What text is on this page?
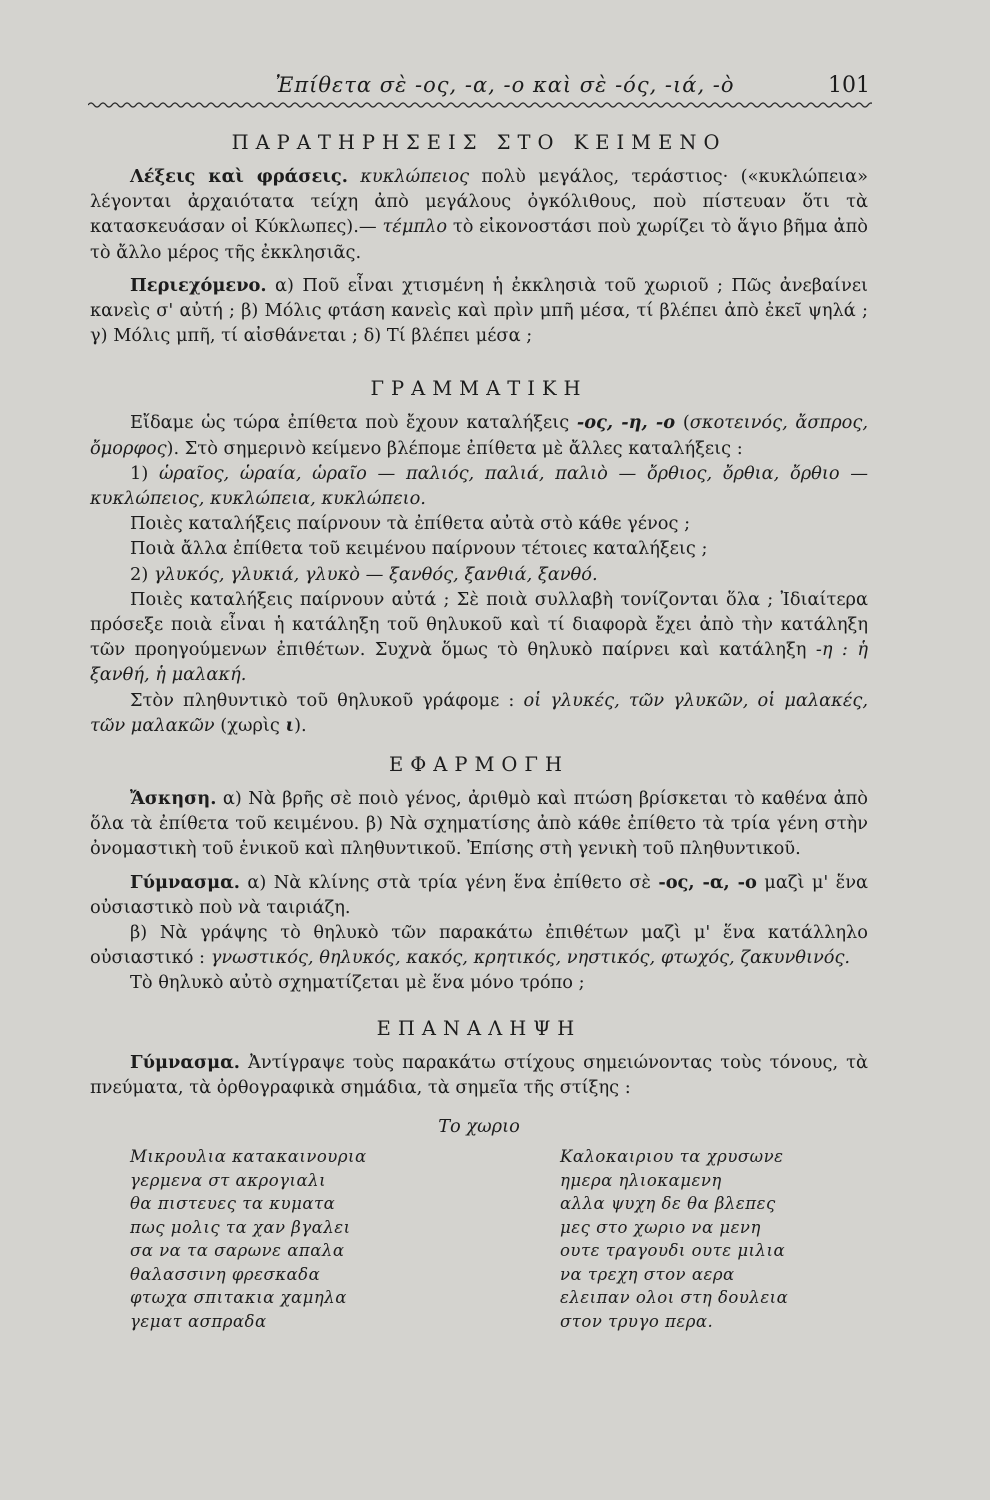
Ἐπίθετα σὲ -ος, -α, -ο καὶ σὲ -ός, -ιά, -ὸ	101
ΠΑΡΑΤΗΡΗΣΕΙΣ ΣΤΟ ΚΕΙΜΕΝΟ

Λέξεις καὶ φράσεις. κυκλώπειος πολὺ μεγάλος, τεράστιος· («κυκλώπεια» λέγονται ἀρχαιότατα τείχη ἀπὸ μεγάλους ὀγκόλιθους, ποὺ πίστευαν ὅτι τὰ κατασκευάσαν οἱ Κύκλωπες).— τέμπλο τὸ εἰκονοστάσι ποὺ χωρίζει τὸ ἅγιο βῆμα ἀπὸ τὸ ἄλλο μέρος τῆς ἐκκλησιᾶς.

Περιεχόμενο. α) Ποῦ εἶναι χτισμένη ἡ ἐκκλησιὰ τοῦ χωριοῦ ; Πῶς ἀνεβαίνει κανεὶς σ' αὐτή ; β) Μόλις φτάση κανεὶς καὶ πρὶν μπῆ μέσα, τί βλέπει ἀπὸ ἐκεῖ ψηλά ; γ) Μόλις μπῆ, τί αἰσθάνεται ; δ) Τί βλέπει μέσα ;

ΓΡΑΜΜΑΤΙΚΗ

Εἴδαμε ὡς τώρα ἐπίθετα ποὺ ἔχουν καταλήξεις -ος, -η, -ο (σκοτεινός, ἄσπρος, ὄμορφος). Στὸ σημερινὸ κείμενο βλέπομε ἐπίθετα μὲ ἄλλες καταλήξεις :

1) ὡραῖος, ὡραία, ὡραῖο — παλιός, παλιά, παλιὸ — ὄρθιος, ὄρθια, ὄρθιο — κυκλώπειος, κυκλώπεια, κυκλώπειο.

Ποιὲς καταλήξεις παίρνουν τὰ ἐπίθετα αὐτὰ στὸ κάθε γένος ;

Ποιὰ ἄλλα ἐπίθετα τοῦ κειμένου παίρνουν τέτοιες καταλήξεις ;

2) γλυκός, γλυκιά, γλυκὸ — ξανθός, ξανθιά, ξανθό.

Ποιὲς καταλήξεις παίρνουν αὐτά ; Σὲ ποιὰ συλλαβὴ τονίζονται ὅλα ; Ἰδιαίτερα πρόσεξε ποιὰ εἶναι ἡ κατάληξη τοῦ θηλυκοῦ καὶ τί διαφορὰ ἔχει ἀπὸ τὴν κατάληξη τῶν προηγούμενων ἐπιθέτων. Συχνὰ ὅμως τὸ θηλυκὸ παίρνει καὶ κατάληξη -η : ἡ ξανθή, ἡ μαλακή.

Στὸν πληθυντικὸ τοῦ θηλυκοῦ γράφομε : οἱ γλυκές, τῶν γλυκῶν, οἱ μαλακές, τῶν μαλακῶν (χωρὶς ι).

ΕΦΑΡΜΟΓΗ

Ἄσκηση. α) Νὰ βρῆς σὲ ποιὸ γένος, ἀριθμὸ καὶ πτώση βρίσκεται τὸ καθένα ἀπὸ ὅλα τὰ ἐπίθετα τοῦ κειμένου. β) Νὰ σχηματίσης ἀπὸ κάθε ἐπίθετο τὰ τρία γένη στὴν ὀνομαστικὴ τοῦ ἑνικοῦ καὶ πληθυντικοῦ. Ἐπίσης στὴ γενικὴ τοῦ πληθυντικοῦ.

Γύμνασμα. α) Νὰ κλίνης στὰ τρία γένη ἕνα ἐπίθετο σὲ -ος, -α, -ο μαζὶ μ' ἕνα οὐσιαστικὸ ποὺ νὰ ταιριάζη.

β) Νὰ γράψης τὸ θηλυκὸ τῶν παρακάτω ἐπιθέτων μαζὶ μ' ἕνα κατάλληλο οὐσιαστικό : γνωστικός, θηλυκός, κακός, κρητικός, νηστικός, φτωχός, ζακυνθινός.

Τὸ θηλυκὸ αὐτὸ σχηματίζεται μὲ ἕνα μόνο τρόπο ;

ΕΠΑΝΑΛΗΨΗ

Γύμνασμα. Ἀντίγραψε τοὺς παρακάτω στίχους σημειώνοντας τοὺς τόνους, τὰ πνεύματα, τὰ ὀρθογραφικὰ σημάδια, τὰ σημεῖα τῆς στίξης :

Το χωριο
Μικρουλια κατακαινουρια
γερμενα στ ακρογιαλι
θα πιστευες τα κυματα
πως μολις τα χαν βγαλει
σα να τα σαρωνε απαλα
θαλασσινη φρεσκαδα
φτωχα σπιτακια χαμηλα
γεματ ασπραδα
Καλοκαιριου τα χρυσωνε
ημερα ηλιοκαμενη
αλλα ψυχη δε θα βλεπες
μες στο χωριο να μενη
ουτε τραγουδι ουτε μιλια
να τρεχη στον αερα
ελειπαν ολοι στη δουλεια
στον τρυγο περα.
